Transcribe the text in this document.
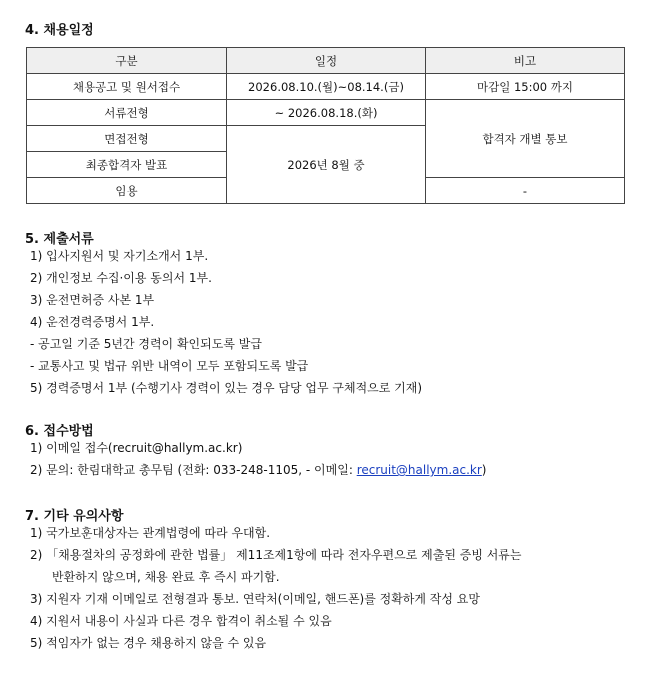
4. 채용일정
구분	일정	비고
채용공고 및 원서접수	2026.08.10.(월)~08.14.(금)	마감일 15:00 까지
서류전형	~ 2026.08.18.(화)	합격자 개별 통보
면접전형	2026년 8월 중	
최종합격자 발표		
임용		-
5. 제출서류
1) 입사지원서 및 자기소개서 1부.
2) 개인정보 수집·이용 동의서 1부.
3) 운전면허증 사본 1부
4) 운전경력증명서 1부.
- 공고일 기준 5년간 경력이 확인되도록 발급
- 교통사고 및 법규 위반 내역이 모두 포함되도록 발급
5) 경력증명서 1부 (수행기사 경력이 있는 경우 담당 업무 구체적으로 기재)
6. 접수방법
1) 이메일 접수(recruit@hallym.ac.kr)
2) 문의: 한림대학교 총무팀 (전화: 033-248-1105, - 이메일: recruit@hallym.ac.kr)
7. 기타 유의사항
1) 국가보훈대상자는 관계법령에 따라 우대함.
2) 「채용절차의 공정화에 관한 법률」 제11조제1항에 따라 전자우편으로 제출된 증빙 서류는
반환하지 않으며, 채용 완료 후 즉시 파기함.
3) 지원자 기재 이메일로 전형결과 통보. 연락처(이메일, 핸드폰)를 정확하게 작성 요망
4) 지원서 내용이 사실과 다른 경우 합격이 취소될 수 있음
5) 적임자가 없는 경우 채용하지 않을 수 있음
